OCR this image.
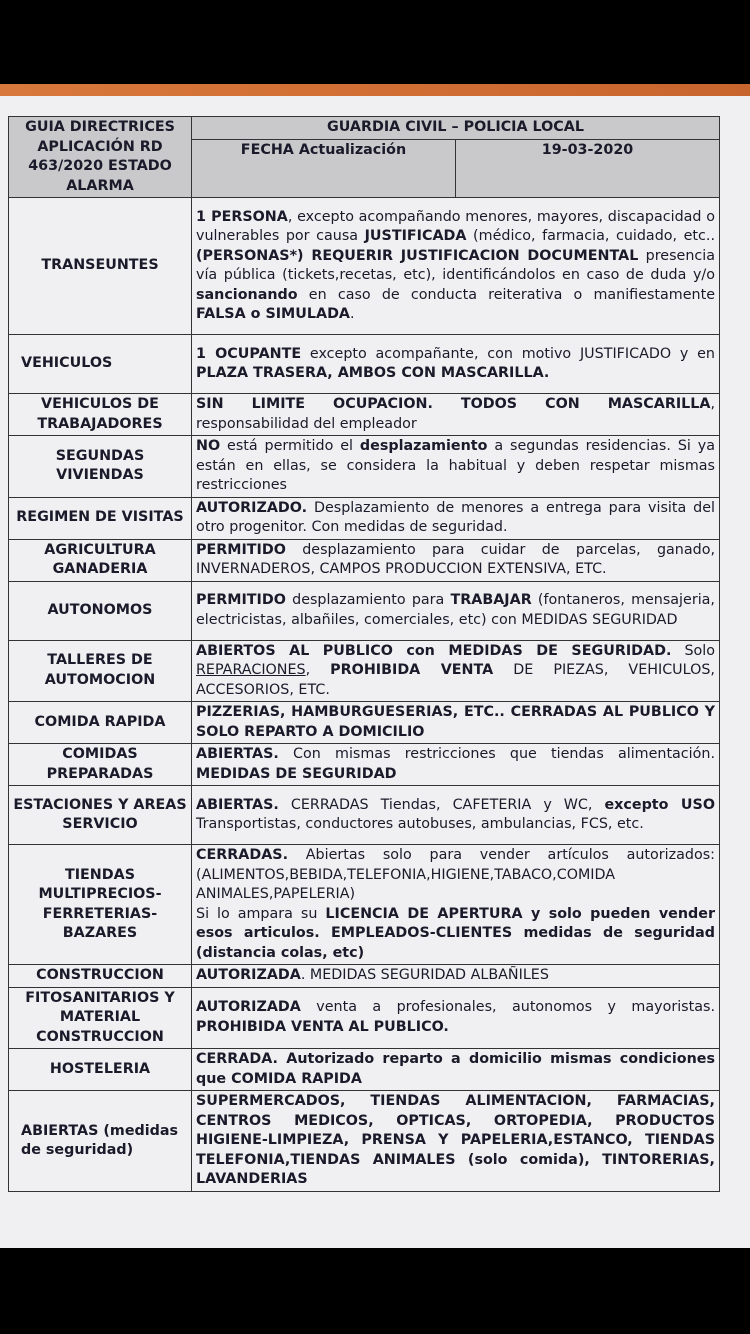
GUIA DIRECTRICES APLICACIÓN RD 463/2020 ESTADO ALARMA	GUARDIA CIVIL – POLICIA LOCAL	
	FECHA Actualización	19-03-2020
TRANSEUNTES	1 PERSONA, excepto acompañando menores, mayores, discapacidad o vulnerables por causa JUSTIFICADA (médico, farmacia, cuidado, etc..(PERSONAS*) REQUERIR JUSTIFICACION DOCUMENTAL presencia vía pública (tickets,recetas, etc), identificándolos en caso de duda y/o sancionando en caso de conducta reiterativa o manifiestamente FALSA o SIMULADA.	
VEHICULOS	1 OCUPANTE excepto acompañante, con motivo JUSTIFICADO y en PLAZA TRASERA, AMBOS CON MASCARILLA.	
VEHICULOS DE TRABAJADORES	SIN LIMITE OCUPACION. TODOS CON MASCARILLA, responsabilidad del empleador	
SEGUNDAS VIVIENDAS	NO está permitido el desplazamiento a segundas residencias. Si ya están en ellas, se considera la habitual y deben respetar mismas restricciones	
REGIMEN DE VISITAS	AUTORIZADO. Desplazamiento de menores a entrega para visita del otro progenitor. Con medidas de seguridad.	
AGRICULTURA GANADERIA	PERMITIDO desplazamiento para cuidar de parcelas, ganado, INVERNADEROS, CAMPOS PRODUCCION EXTENSIVA, ETC.	
AUTONOMOS	PERMITIDO desplazamiento para TRABAJAR (fontaneros, mensajeria, electricistas, albañiles, comerciales, etc) con MEDIDAS SEGURIDAD	
TALLERES DE AUTOMOCION	ABIERTOS AL PUBLICO con MEDIDAS DE SEGURIDAD. Solo REPARACIONES, PROHIBIDA VENTA DE PIEZAS, VEHICULOS, ACCESORIOS, ETC.	
COMIDA RAPIDA	PIZZERIAS, HAMBURGUESERIAS, ETC.. CERRADAS AL PUBLICO Y SOLO REPARTO A DOMICILIO	
COMIDAS PREPARADAS	ABIERTAS. Con mismas restricciones que tiendas alimentación. MEDIDAS DE SEGURIDAD	
ESTACIONES Y AREAS SERVICIO	ABIERTAS. CERRADAS Tiendas, CAFETERIA y WC, excepto USO Transportistas, conductores autobuses, ambulancias, FCS, etc.	
TIENDAS MULTIPRECIOS-FERRETERIAS-BAZARES	CERRADAS. Abiertas solo para vender artículos autorizados: (ALIMENTOS,BEBIDA,TELEFONIA,HIGIENE,TABACO,COMIDA ANIMALES,PAPELERIA)
Si lo ampara su LICENCIA DE APERTURA y solo pueden vender esos articulos. EMPLEADOS-CLIENTES medidas de seguridad (distancia colas, etc)	
CONSTRUCCION	AUTORIZADA. MEDIDAS SEGURIDAD ALBAÑILES	
FITOSANITARIOS Y MATERIAL CONSTRUCCION	AUTORIZADA venta a profesionales, autonomos y mayoristas. PROHIBIDA VENTA AL PUBLICO.	
HOSTELERIA	CERRADA. Autorizado reparto a domicilio mismas condiciones que COMIDA RAPIDA	
ABIERTAS (medidas de seguridad)	SUPERMERCADOS, TIENDAS ALIMENTACION, FARMACIAS, CENTROS MEDICOS, OPTICAS, ORTOPEDIA, PRODUCTOS HIGIENE-LIMPIEZA, PRENSA Y PAPELERIA,ESTANCO, TIENDAS TELEFONIA,TIENDAS ANIMALES (solo comida), TINTORERIAS, LAVANDERIAS	
